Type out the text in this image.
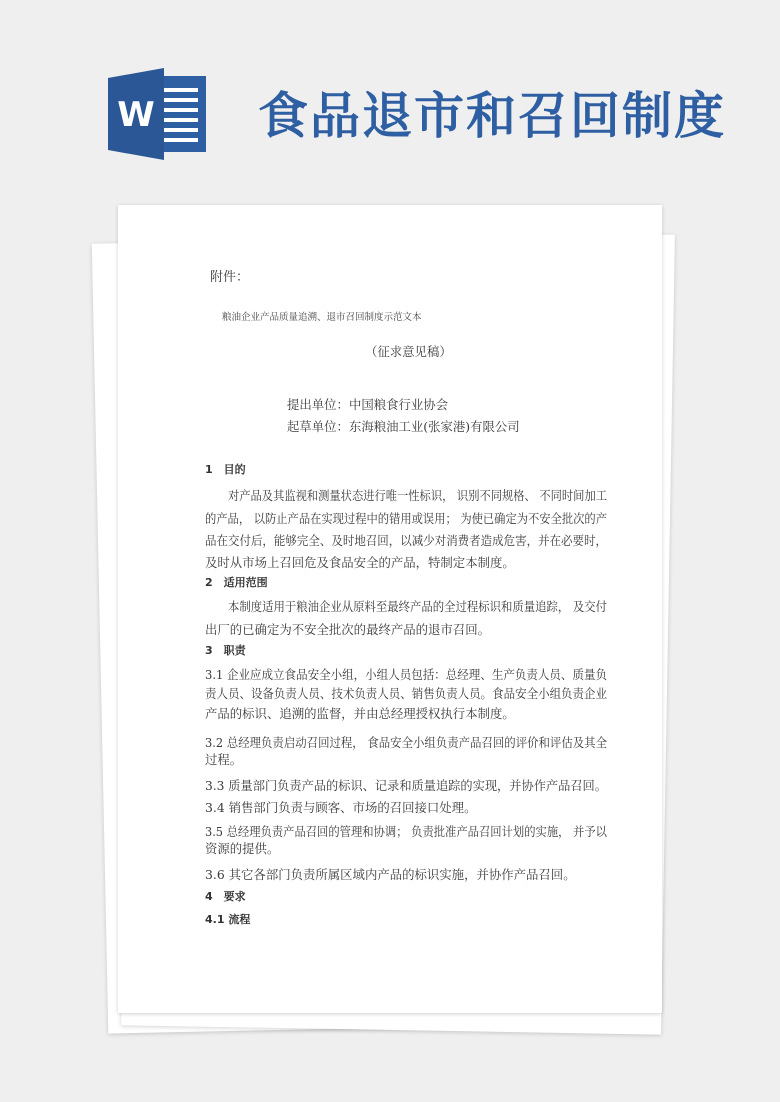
W 食品退市和召回制度
附件：
粮油企业产品质量追溯、退市召回制度示范文本
（征求意见稿）
提出单位：中国粮食行业协会
起草单位：东海粮油工业(张家港)有限公司
1　目的
对产品及其监视和测量状态进行唯一性标识， 识别不同规格、 不同时间加工
的产品， 以防止产品在实现过程中的错用或误用； 为使已确定为不安全批次的产
品在交付后，能够完全、及时地召回，以减少对消费者造成危害，并在必要时，
及时从市场上召回危及食品安全的产品，特制定本制度。
2　适用范围
本制度适用于粮油企业从原料至最终产品的全过程标识和质量追踪， 及交付
出厂的已确定为不安全批次的最终产品的退市召回。
3　职责
3.1 企业应成立食品安全小组，小组人员包括：总经理、生产负责人员、质量负
责人员、设备负责人员、技术负责人员、销售负责人员。食品安全小组负责企业
产品的标识、追溯的监督，并由总经理授权执行本制度。
3.2 总经理负责启动召回过程， 食品安全小组负责产品召回的评价和评估及其全
过程。
3.3 质量部门负责产品的标识、记录和质量追踪的实现，并协作产品召回。
3.4 销售部门负责与顾客、市场的召回接口处理。
3.5 总经理负责产品召回的管理和协调； 负责批准产品召回计划的实施， 并予以
资源的提供。
3.6 其它各部门负责所属区域内产品的标识实施，并协作产品召回。
4　要求
4.1 流程
